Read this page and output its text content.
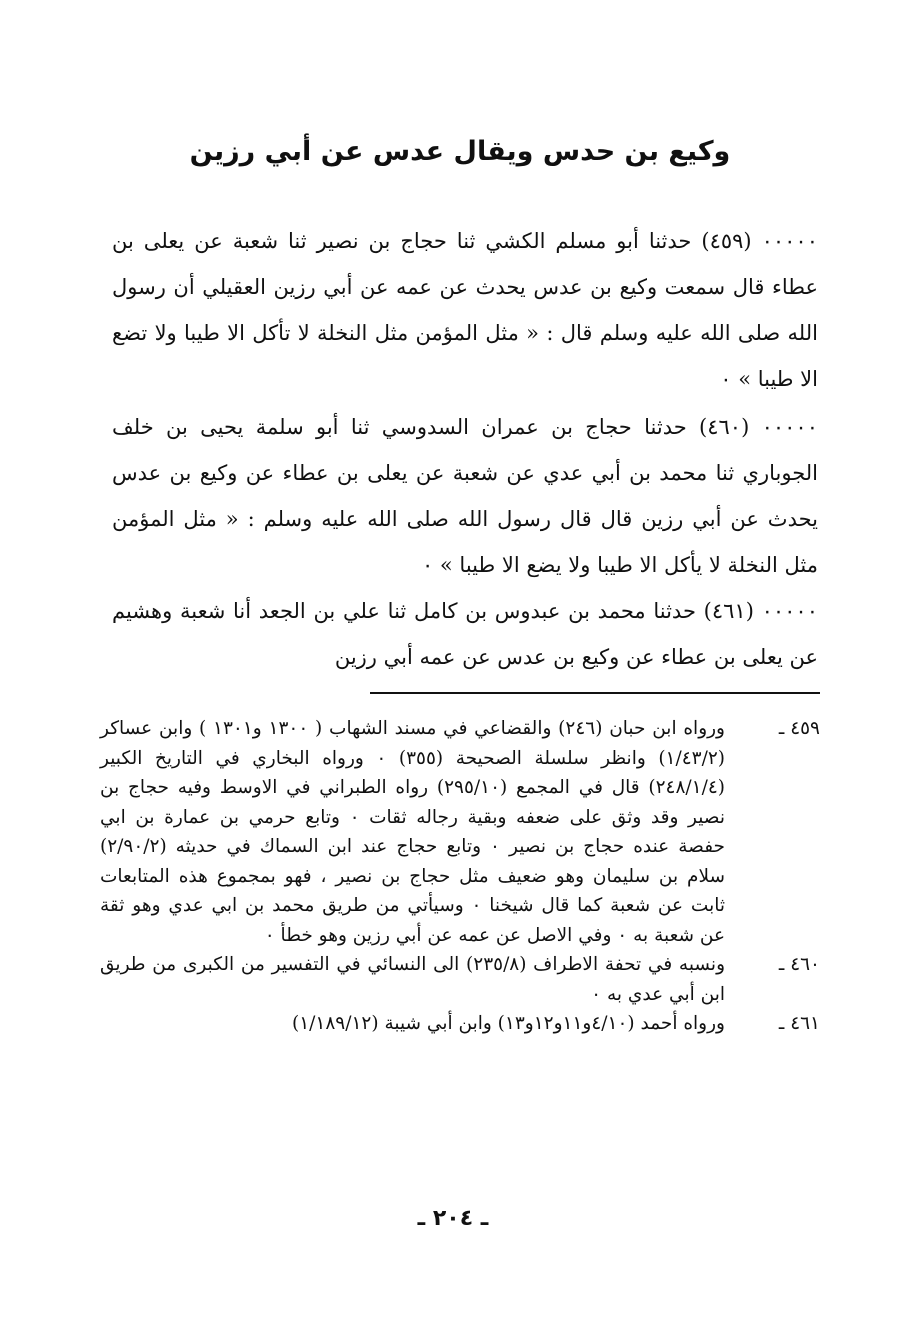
وكيع بن حدس ويقال عدس عن أبي رزين

٠٠٠٠٠ (٤٥٩) حدثنا أبو مسلم الكشي ثنا حجاج بن نصير ثنا شعبة عن يعلى بن عطاء قال سمعت وكيع بن عدس يحدث عن عمه عن أبي رزين العقيلي أن رسول الله صلى الله عليه وسلم قال : « مثل المؤمن مثل النخلة لا تأكل الا طيبا ولا تضع الا طيبا » ٠

٠٠٠٠٠ (٤٦٠) حدثنا حجاج بن عمران السدوسي ثنا أبو سلمة يحيى بن خلف الجوباري ثنا محمد بن أبي عدي عن شعبة عن يعلى بن عطاء عن وكيع بن عدس يحدث عن أبي رزين قال قال رسول الله صلى الله عليه وسلم : « مثل المؤمن مثل النخلة لا يأكل الا طيبا ولا يضع الا طيبا » ٠

٠٠٠٠٠ (٤٦١) حدثنا محمد بن عبدوس بن كامل ثنا علي بن الجعد أنا شعبة وهشيم عن يعلى بن عطاء عن وكيع بن عدس عن عمه أبي رزين

٤٥٩ ـ
ورواه ابن حبان (٢٤٦) والقضاعي في مسند الشهاب ( ١٣٠٠ و١٣٠١ ) وابن عساكر (١/٤٣/٢) وانظر سلسلة الصحيحة (٣٥٥) ٠ ورواه البخاري في التاريخ الكبير (٢٤٨/١/٤) قال في المجمع (٢٩٥/١٠) رواه الطبراني في الاوسط وفيه حجاج بن نصير وقد وثق على ضعفه وبقية رجاله ثقات ٠ وتابع حرمي بن عمارة بن ابي حفصة عنده حجاج بن نصير ٠ وتابع حجاج عند ابن السماك في حديثه (٢/٩٠/٢) سلام بن سليمان وهو ضعيف مثل حجاج بن نصير ، فهو بمجموع هذه المتابعات ثابت عن شعبة كما قال شيخنا ٠ وسيأتي من طريق محمد بن ابي عدي وهو ثقة عن شعبة به ٠ وفي الاصل عن عمه عن أبي رزين وهو خطأ ٠
٤٦٠ ـ
ونسبه في تحفة الاطراف (٢٣٥/٨) الى النسائي في التفسير من الكبرى من طريق ابن أبي عدي به ٠
٤٦١ ـ
ورواه أحمد (٤/١٠و١١و١٢و١٣) وابن أبي شيبة (١/١٨٩/١٢)
ـ ٢٠٤ ـ
